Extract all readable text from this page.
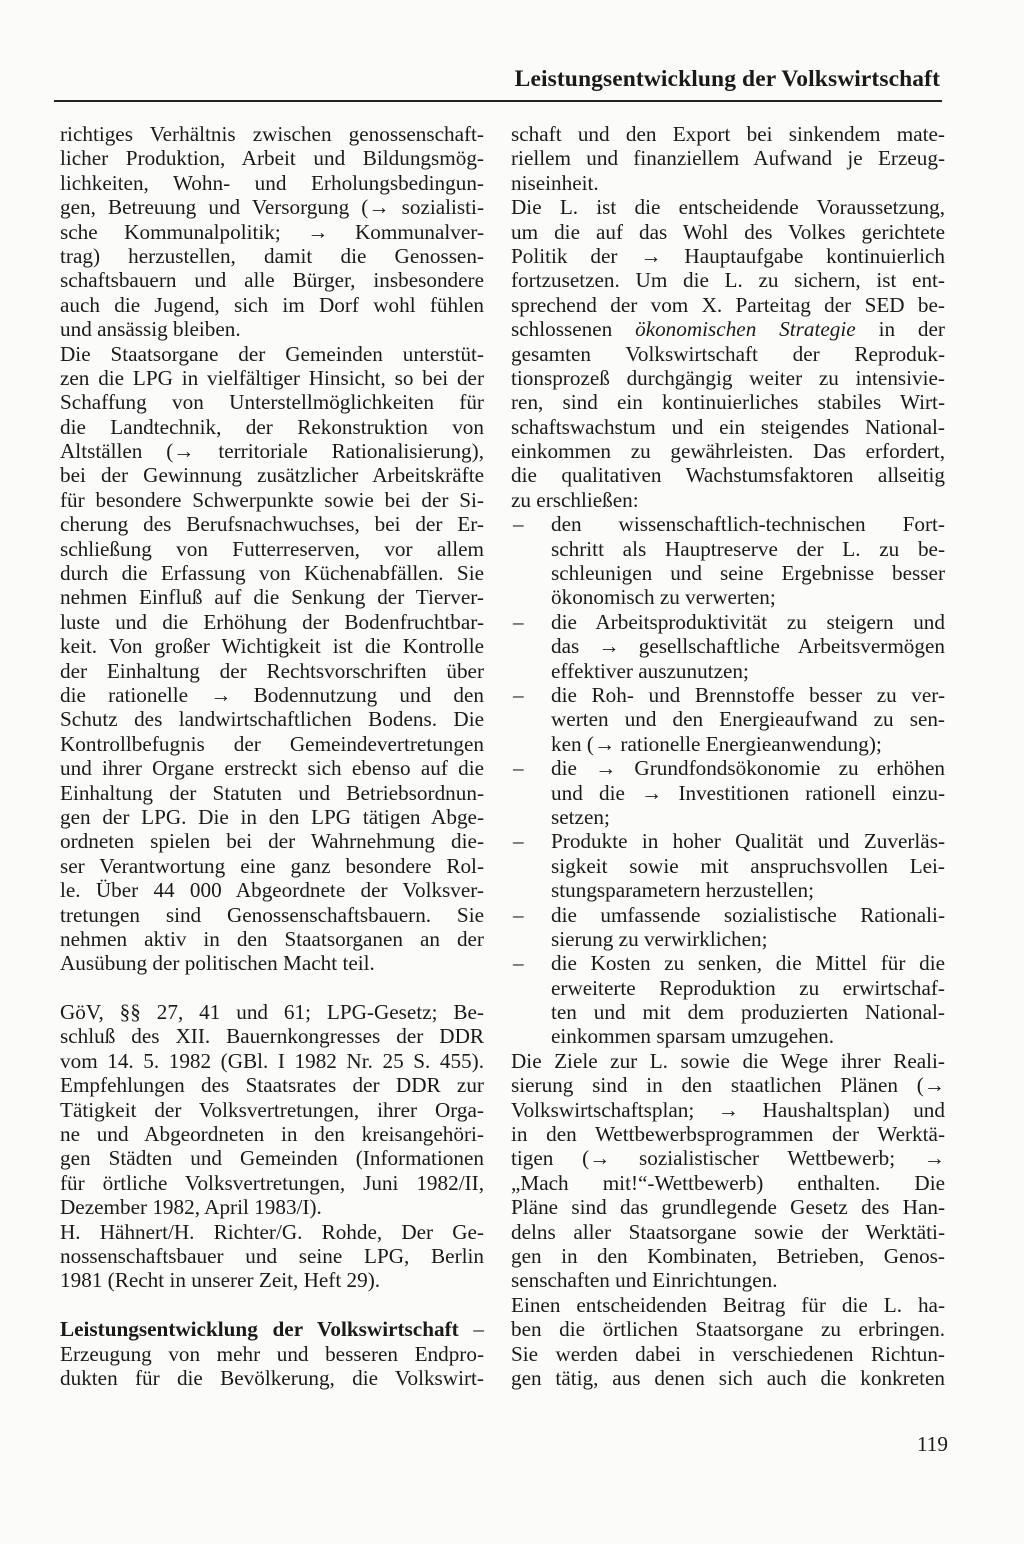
Leistungsentwicklung der Volkswirtschaft
richtiges Verhältnis zwischen genossenschaft-
licher Produktion, Arbeit und Bildungsmög-
lichkeiten, Wohn- und Erholungsbedingun-
gen, Betreuung und Versorgung (→ sozialisti-
sche Kommunalpolitik; → Kommunalver-
trag) herzustellen, damit die Genossen-
schaftsbauern und alle Bürger, insbesondere
auch die Jugend, sich im Dorf wohl fühlen
und ansässig bleiben.
Die Staatsorgane der Gemeinden unterstüt-
zen die LPG in vielfältiger Hinsicht, so bei der
Schaffung von Unterstellmöglichkeiten für
die Landtechnik, der Rekonstruktion von
Altställen (→ territoriale Rationalisierung),
bei der Gewinnung zusätzlicher Arbeitskräfte
für besondere Schwerpunkte sowie bei der Si-
cherung des Berufsnachwuchses, bei der Er-
schließung von Futterreserven, vor allem
durch die Erfassung von Küchenabfällen. Sie
nehmen Einfluß auf die Senkung der Tierver-
luste und die Erhöhung der Bodenfruchtbar-
keit. Von großer Wichtigkeit ist die Kontrolle
der Einhaltung der Rechtsvorschriften über
die rationelle → Bodennutzung und den
Schutz des landwirtschaftlichen Bodens. Die
Kontrollbefugnis der Gemeindevertretungen
und ihrer Organe erstreckt sich ebenso auf die
Einhaltung der Statuten und Betriebsordnun-
gen der LPG. Die in den LPG tätigen Abge-
ordneten spielen bei der Wahrnehmung die-
ser Verantwortung eine ganz besondere Rol-
le. Über 44 000 Abgeordnete der Volksver-
tretungen sind Genossenschaftsbauern. Sie
nehmen aktiv in den Staatsorganen an der
Ausübung der politischen Macht teil.
GöV, §§ 27, 41 und 61; LPG-Gesetz; Be-
schluß des XII. Bauernkongresses der DDR
vom 14. 5. 1982 (GBl. I 1982 Nr. 25 S. 455).
Empfehlungen des Staatsrates der DDR zur
Tätigkeit der Volksvertretungen, ihrer Orga-
ne und Abgeordneten in den kreisangehöri-
gen Städten und Gemeinden (Informationen
für örtliche Volksvertretungen, Juni 1982/II,
Dezember 1982, April 1983/I).
H. Hähnert/H. Richter/G. Rohde, Der Ge-
nossenschaftsbauer und seine LPG, Berlin
1981 (Recht in unserer Zeit, Heft 29).
Leistungsentwicklung der Volkswirtschaft –
Erzeugung von mehr und besseren Endpro-
dukten für die Bevölkerung, die Volkswirt-
schaft und den Export bei sinkendem mate-
riellem und finanziellem Aufwand je Erzeug-
niseinheit.
Die L. ist die entscheidende Voraussetzung,
um die auf das Wohl des Volkes gerichtete
Politik der → Hauptaufgabe kontinuierlich
fortzusetzen. Um die L. zu sichern, ist ent-
sprechend der vom X. Parteitag der SED be-
schlossenen ökonomischen Strategie in der
gesamten Volkswirtschaft der Reproduk-
tionsprozeß durchgängig weiter zu intensivie-
ren, sind ein kontinuierliches stabiles Wirt-
schaftswachstum und ein steigendes National-
einkommen zu gewährleisten. Das erfordert,
die qualitativen Wachstumsfaktoren allseitig
zu erschließen:
– den wissenschaftlich-technischen Fort-
schritt als Hauptreserve der L. zu be-
schleunigen und seine Ergebnisse besser
ökonomisch zu verwerten;
– die Arbeitsproduktivität zu steigern und
das → gesellschaftliche Arbeitsvermögen
effektiver auszunutzen;
– die Roh- und Brennstoffe besser zu ver-
werten und den Energieaufwand zu sen-
ken (→ rationelle Energieanwendung);
– die → Grundfondsökonomie zu erhöhen
und die → Investitionen rationell einzu-
setzen;
– Produkte in hoher Qualität und Zuverläs-
sigkeit sowie mit anspruchsvollen Lei-
stungsparametern herzustellen;
– die umfassende sozialistische Rationali-
sierung zu verwirklichen;
– die Kosten zu senken, die Mittel für die
erweiterte Reproduktion zu erwirtschaf-
ten und mit dem produzierten National-
einkommen sparsam umzugehen.
Die Ziele zur L. sowie die Wege ihrer Reali-
sierung sind in den staatlichen Plänen (→
Volkswirtschaftsplan; → Haushaltsplan) und
in den Wettbewerbsprogrammen der Werktä-
tigen (→ sozialistischer Wettbewerb; →
„Mach mit!“-Wettbewerb) enthalten. Die
Pläne sind das grundlegende Gesetz des Han-
delns aller Staatsorgane sowie der Werktäti-
gen in den Kombinaten, Betrieben, Genos-
senschaften und Einrichtungen.
Einen entscheidenden Beitrag für die L. ha-
ben die örtlichen Staatsorgane zu erbringen.
Sie werden dabei in verschiedenen Richtun-
gen tätig, aus denen sich auch die konkreten
119
